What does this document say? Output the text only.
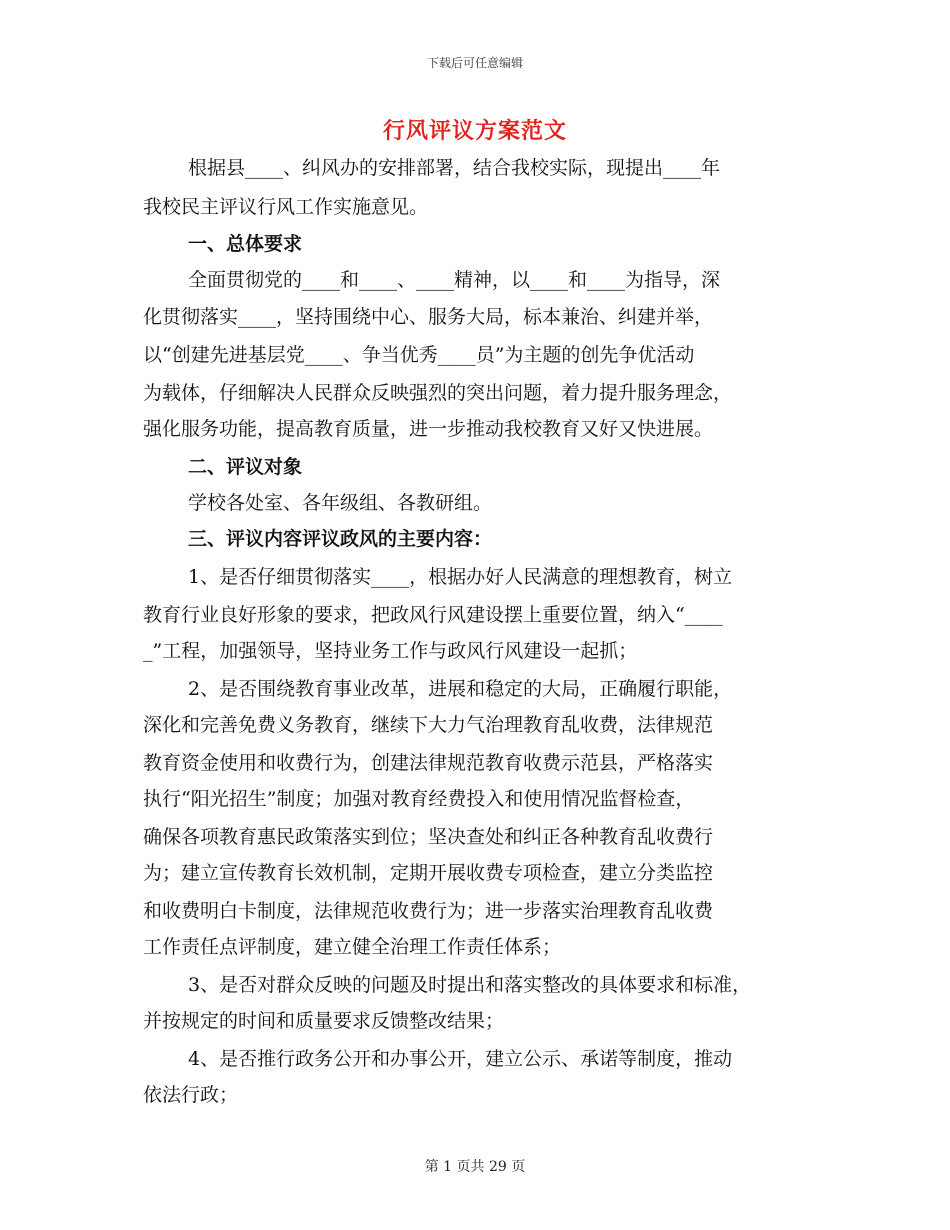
下载后可任意编辑
行风评议方案范文
根据县____、纠风办的安排部署，结合我校实际，现提出____年
我校民主评议行风工作实施意见。
一、总体要求
全面贯彻党的____和____、____精神，以____和____为指导，深
化贯彻落实____，坚持围绕中心、服务大局，标本兼治、纠建并举，
以“创建先进基层党____、争当优秀____员”为主题的创先争优活动
为载体，仔细解决人民群众反映强烈的突出问题，着力提升服务理念，
强化服务功能，提高教育质量，进一步推动我校教育又好又快进展。
二、评议对象
学校各处室、各年级组、各教研组。
三、评议内容评议政风的主要内容：
1、是否仔细贯彻落实____，根据办好人民满意的理想教育，树立
教育行业良好形象的要求，把政风行风建设摆上重要位置，纳入“____
_”工程，加强领导，坚持业务工作与政风行风建设一起抓；
2、是否围绕教育事业改革，进展和稳定的大局，正确履行职能，
深化和完善免费义务教育，继续下大力气治理教育乱收费，法律规范
教育资金使用和收费行为，创建法律规范教育收费示范县，严格落实
执行“阳光招生”制度；加强对教育经费投入和使用情况监督检查，
确保各项教育惠民政策落实到位；坚决查处和纠正各种教育乱收费行
为；建立宣传教育长效机制，定期开展收费专项检查，建立分类监控
和收费明白卡制度，法律规范收费行为；进一步落实治理教育乱收费
工作责任点评制度，建立健全治理工作责任体系；
3、是否对群众反映的问题及时提出和落实整改的具体要求和标准，
并按规定的时间和质量要求反馈整改结果；
4、是否推行政务公开和办事公开，建立公示、承诺等制度，推动
依法行政；
第 1 页共 29 页
